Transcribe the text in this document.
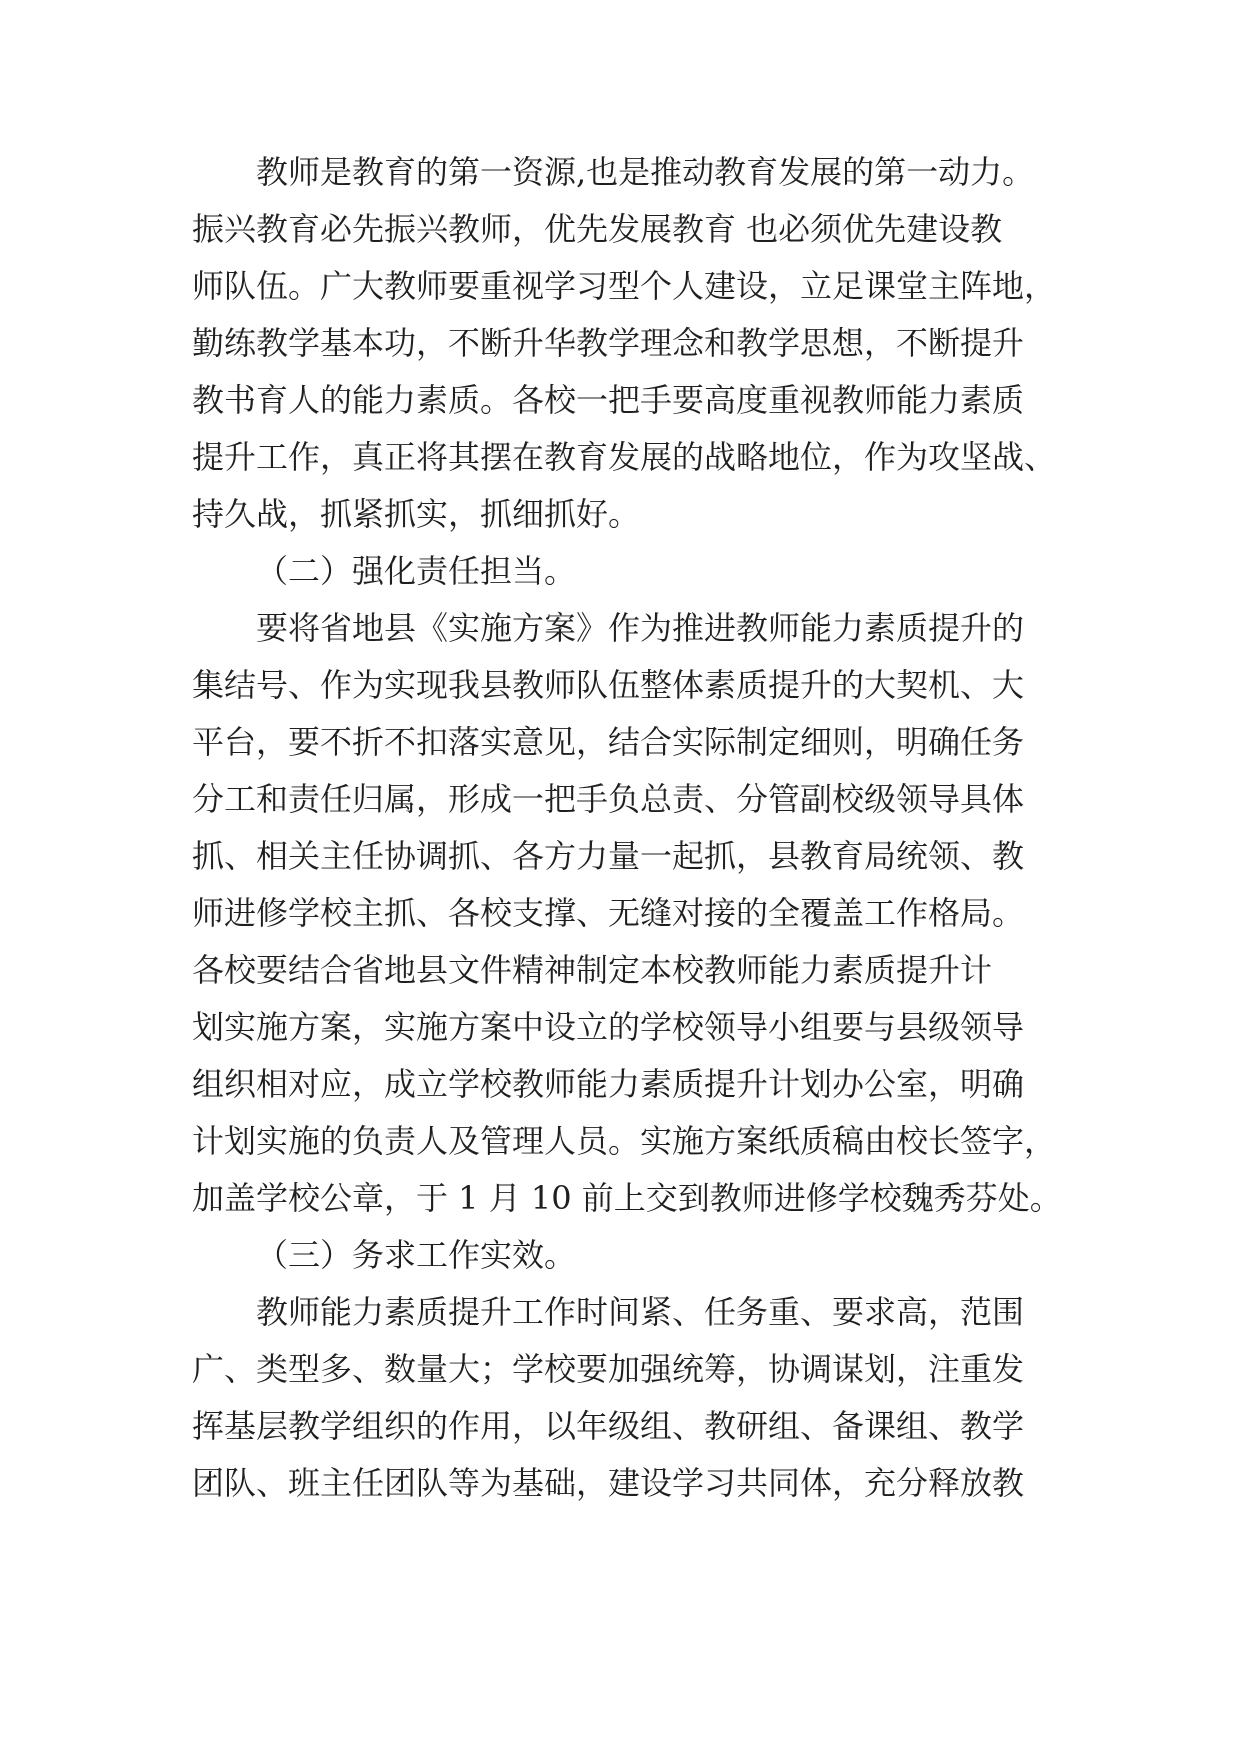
教师是教育的第一资源,也是推动教育发展的第一动力。

振兴教育必先振兴教师，优先发展教育 也必须优先建设教

师队伍。广大教师要重视学习型个人建设，立足课堂主阵地，

勤练教学基本功，不断升华教学理念和教学思想，不断提升

教书育人的能力素质。各校一把手要高度重视教师能力素质

提升工作，真正将其摆在教育发展的战略地位，作为攻坚战、

持久战，抓紧抓实，抓细抓好。

（二）强化责任担当。

要将省地县《实施方案》作为推进教师能力素质提升的

集结号、作为实现我县教师队伍整体素质提升的大契机、大

平台，要不折不扣落实意见，结合实际制定细则，明确任务

分工和责任归属，形成一把手负总责、分管副校级领导具体

抓、相关主任协调抓、各方力量一起抓，县教育局统领、教

师进修学校主抓、各校支撑、无缝对接的全覆盖工作格局。

各校要结合省地县文件精神制定本校教师能力素质提升计

划实施方案，实施方案中设立的学校领导小组要与县级领导

组织相对应，成立学校教师能力素质提升计划办公室，明确

计划实施的负责人及管理人员。实施方案纸质稿由校长签字，

加盖学校公章，于 1 月 10 前上交到教师进修学校魏秀芬处。

（三）务求工作实效。

教师能力素质提升工作时间紧、任务重、要求高，范围

广、类型多、数量大；学校要加强统筹，协调谋划，注重发

挥基层教学组织的作用，以年级组、教研组、备课组、教学

团队、班主任团队等为基础，建设学习共同体，充分释放教
